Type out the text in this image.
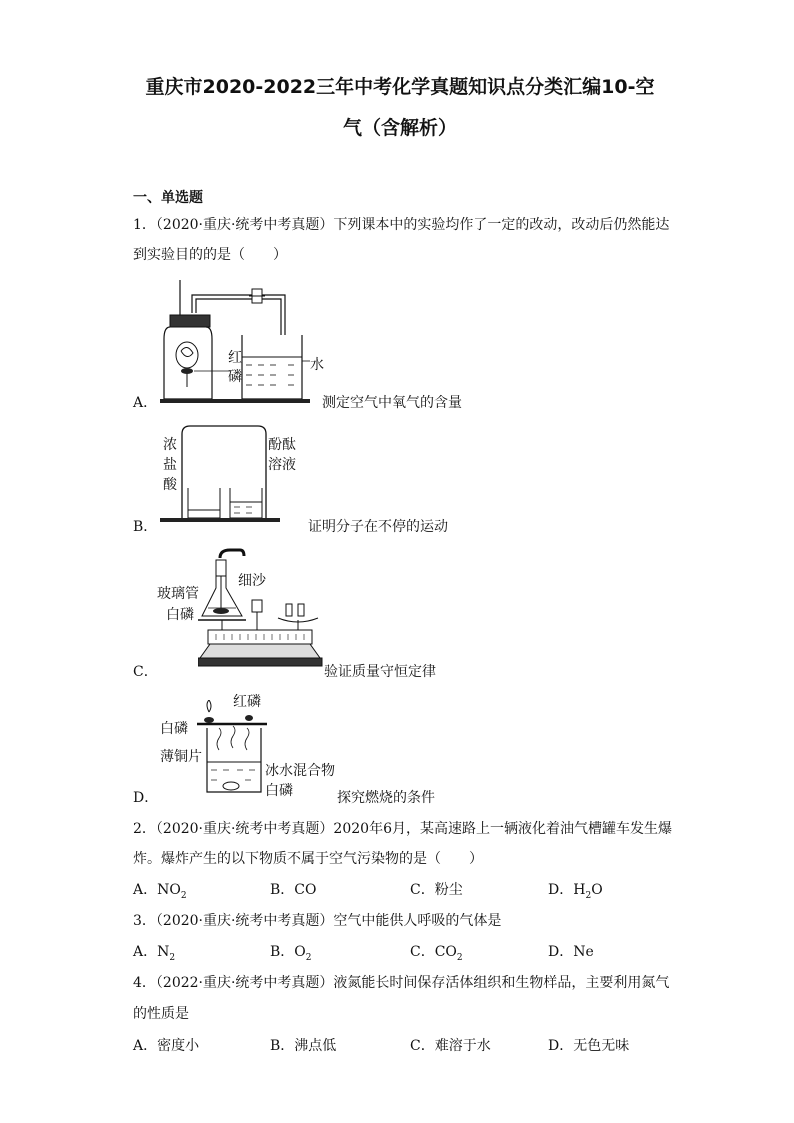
重庆市2020-2022三年中考化学真题知识点分类汇编10-空
气（含解析）
一、单选题
1．（2020·重庆·统考中考真题）下列课本中的实验均作了一定的改动，改动后仍然能达
到实验目的的是（　　）
红
磷
水
A．	测定空气中氧气的含量
浓
盐
酸
酚酞
溶液
B．	证明分子在不停的运动
玻璃管
细沙
白磷
C．	验证质量守恒定律
红磷
白磷
薄铜片
冰水混合物
白磷
D．	探究燃烧的条件
2．（2020·重庆·统考中考真题）2020年6月，某高速路上一辆液化着油气槽罐车发生爆
炸。爆炸产生的以下物质不属于空气污染物的是（　　）
A．$NO_2$	B．CO	C．粉尘	D．$H_2O$
3．（2020·重庆·统考中考真题）空气中能供人呼吸的气体是
A．$N_2$	B．$O_2$	C．$CO_2$	D．Ne
4．（2022·重庆·统考中考真题）液氮能长时间保存活体组织和生物样品，主要利用氮气
的性质是
A．密度小	B．沸点低	C．难溶于水	D．无色无味
